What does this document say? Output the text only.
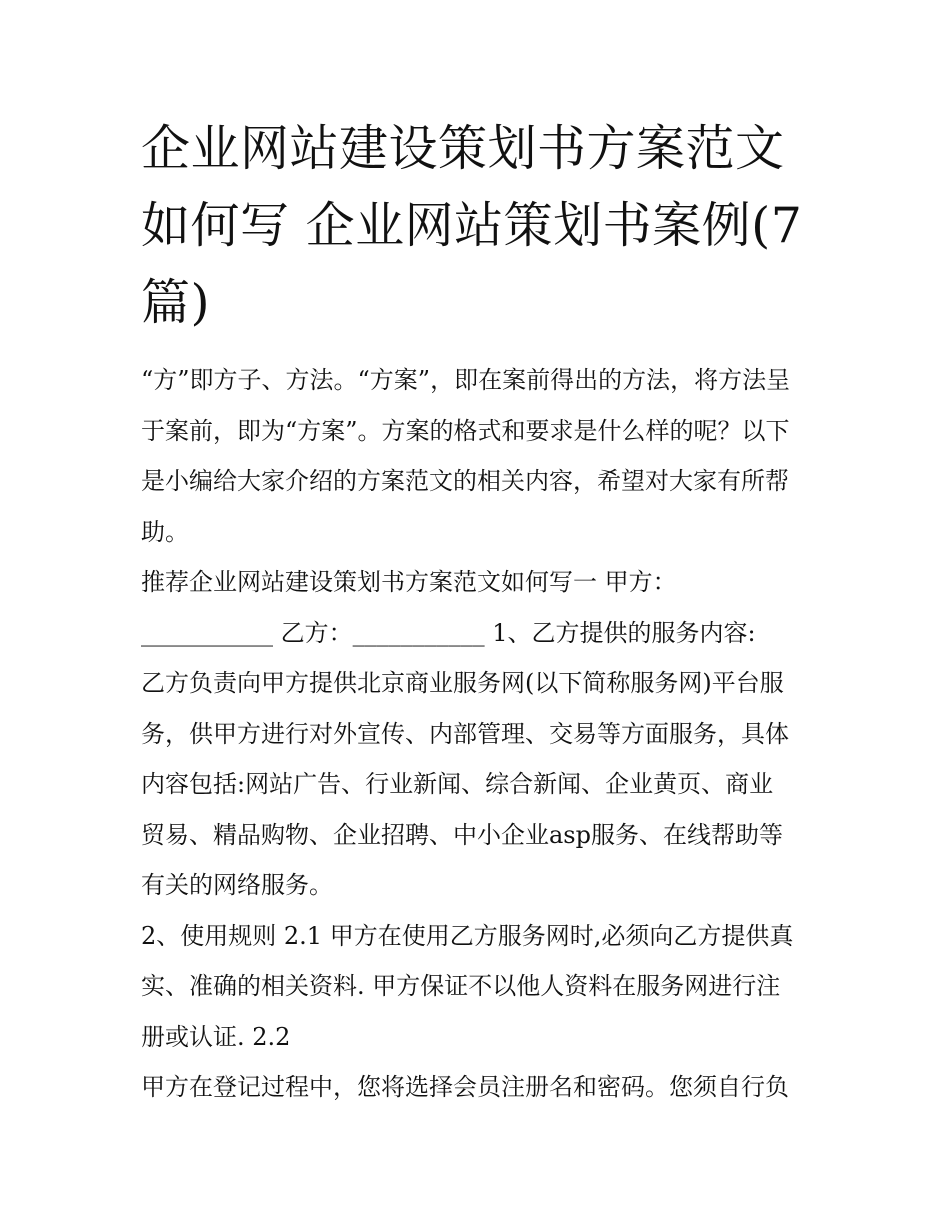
企业网站建设策划书方案范文
如何写 企业网站策划书案例(7
篇)

“方”即方子、方法。“方案”，即在案前得出的方法，将方法呈
于案前，即为“方案”。方案的格式和要求是什么样的呢？以下
是小编给大家介绍的方案范文的相关内容，希望对大家有所帮
助。

推荐企业网站建设策划书方案范文如何写一 甲方：
___________ 乙方：___________ 1、乙方提供的服务内容:
乙方负责向甲方提供北京商业服务网(以下简称服务网)平台服
务，供甲方进行对外宣传、内部管理、交易等方面服务，具体
内容包括:网站广告、行业新闻、综合新闻、企业黄页、商业
贸易、精品购物、企业招聘、中小企业asp服务、在线帮助等
有关的网络服务。

2、使用规则 2.1 甲方在使用乙方服务网时,必须向乙方提供真
实、准确的相关资料. 甲方保证不以他人资料在服务网进行注
册或认证. 2.2

甲方在登记过程中，您将选择会员注册名和密码。您须自行负
